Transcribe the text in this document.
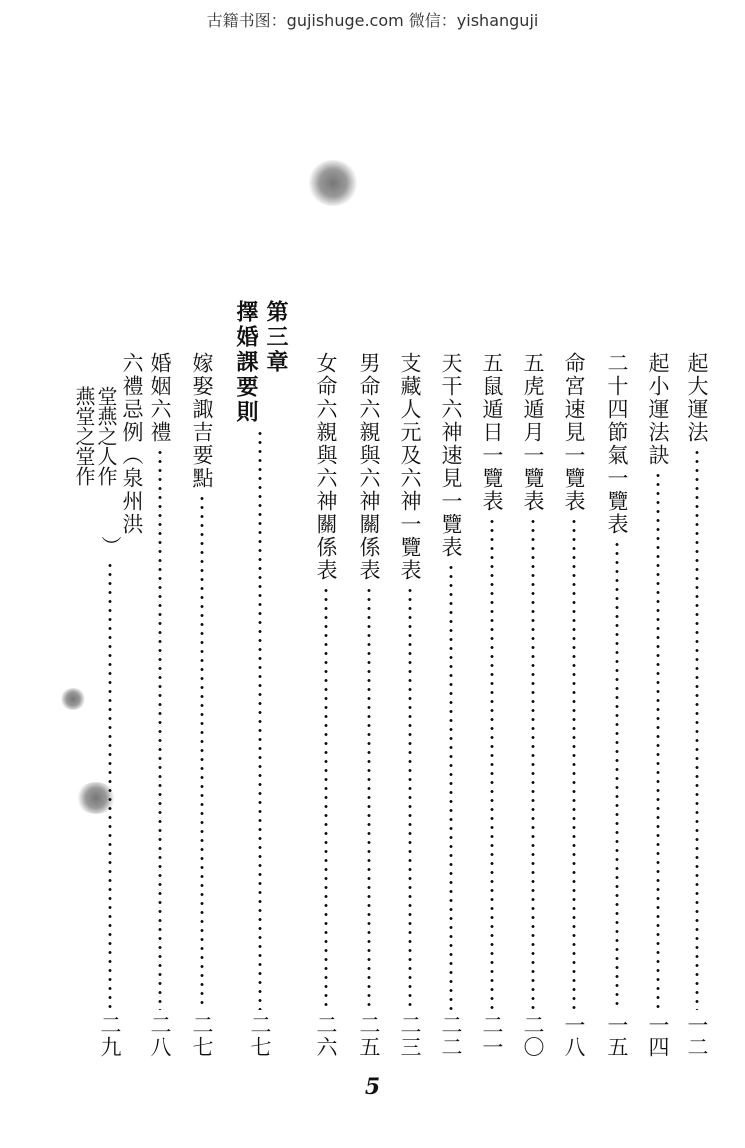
古籍书图：gujishuge.com 微信：yishanguji
起大運法
一二
起小運法訣
一四
二十四節氣一覽表
一五
命宮速見一覽表
一八
五虎遁月一覽表
二〇
五鼠遁日一覽表
二一
天干六神速見一覽表
二二
支藏人元及六神一覽表
二三
男命六親與六神關係表
二五
女命六親與六神關係表
二六
第三章
擇婚課要則
二七
嫁娶諏吉要點
二七
婚姻六禮
二八
六禮忌例（泉州洪
堂燕之人作
燕堂之堂作
）
二九
5
